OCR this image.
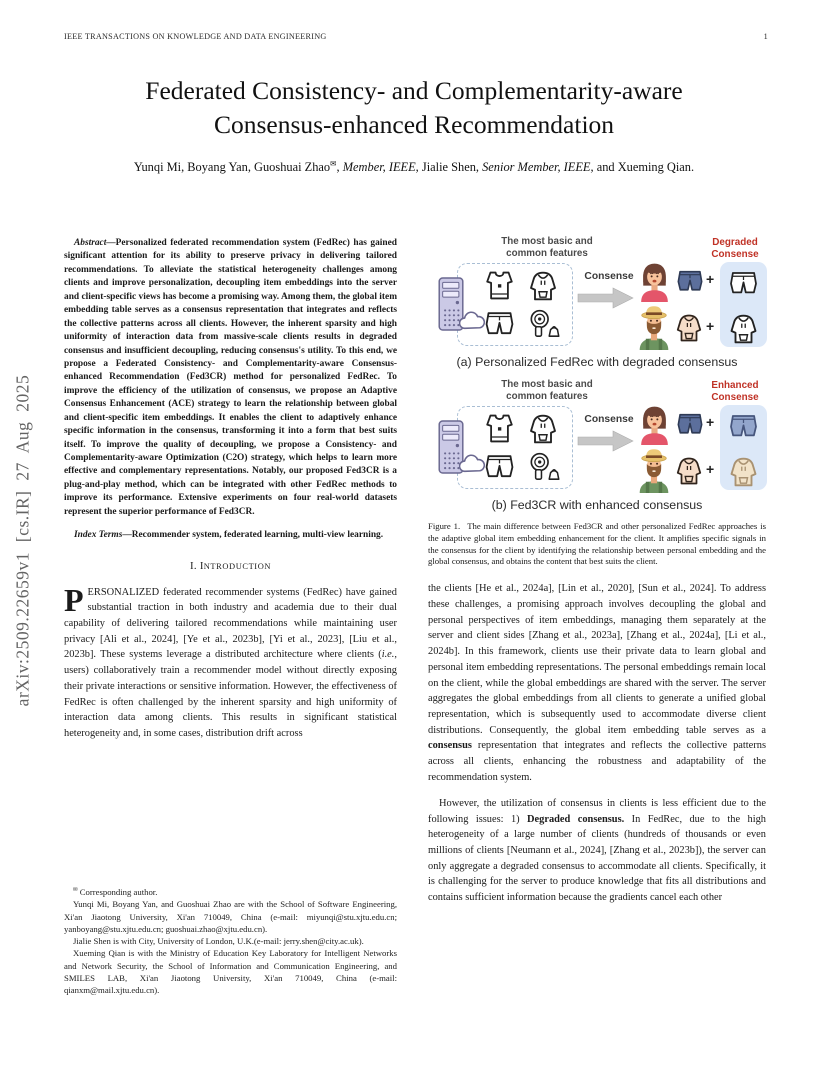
IEEE TRANSACTIONS ON KNOWLEDGE AND DATA ENGINEERING	1
arXiv:2509.22659v1 [cs.IR] 27 Aug 2025
Federated Consistency- and Complementarity-aware
Consensus-enhanced Recommendation
Yunqi Mi, Boyang Yan, Guoshuai Zhao✉, Member, IEEE, Jialie Shen, Senior Member, IEEE, and Xueming Qian.

Abstract—Personalized federated recommendation system (FedRec) has gained significant attention for its ability to preserve privacy in delivering tailored recommendations. To alleviate the statistical heterogeneity challenges among clients and improve personalization, decoupling item embeddings into the server and client-specific views has become a promising way. Among them, the global item embedding table serves as a consensus representation that integrates and reflects the collective patterns across all clients. However, the inherent sparsity and high uniformity of interaction data from massive-scale clients results in degraded consensus and insufficient decoupling, reducing consensus's utility. To this end, we propose a Federated Consistency- and Complementarity-aware Consensus-enhanced Recommendation (Fed3CR) method for personalized FedRec. To improve the efficiency of the utilization of consensus, we propose an Adaptive Consensus Enhancement (ACE) strategy to learn the relationship between global and client-specific item embeddings. It enables the client to adaptively enhance specific information in the consensus, transforming it into a form that best suits itself. To improve the quality of decoupling, we propose a Consistency- and Complementarity-aware Optimization (C2O) strategy, which helps to learn more effective and complementary representations. Notably, our proposed Fed3CR is a plug-and-play method, which can be integrated with other FedRec methods to improve its performance. Extensive experiments on four real-world datasets represent the superior performance of Fed3CR.

Index Terms—Recommender system, federated learning, multi-view learning.

I. INTRODUCTION

PERSONALIZED federated recommender systems (FedRec) have gained substantial traction in both industry and academia due to their dual capability of delivering tailored recommendations while maintaining user privacy [Ali et al., 2024], [Ye et al., 2023b], [Yi et al., 2023], [Liu et al., 2023b]. These systems leverage a distributed architecture where clients (i.e., users) collaboratively train a recommender model without directly exposing their private interactions or sensitive information. However, the effectiveness of FedRec is often challenged by the inherent sparsity and high uniformity of interaction data among clients. This results in significant statistical heterogeneity and, in some cases, distribution drift across

✉ Corresponding author.

Yunqi Mi, Boyang Yan, and Guoshuai Zhao are with the School of Software Engineering, Xi'an Jiaotong University, Xi'an 710049, China (e-mail: miyunqi@stu.xjtu.edu.cn; yanboyang@stu.xjtu.edu.cn; guoshuai.zhao@xjtu.edu.cn).

Jialie Shen is with City, University of London, U.K.(e-mail: jerry.shen@city.ac.uk).

Xueming Qian is with the Ministry of Education Key Laboratory for Intelligent Networks and Network Security, the School of Information and Communication Engineering, and SMILES LAB, Xi'an Jiaotong University, Xi'an 710049, China (e-mail: qianxm@mail.xjtu.edu.cn).

The most basic and common features
Consense	+
+
Degraded Consense
(a) Personalized FedRec with degraded consensus
The most basic and common features
Consense	+
+
Enhanced Consense
(b) Fed3CR with enhanced consensus

Figure 1.  The main difference between Fed3CR and other personalized FedRec approaches is the adaptive global item embedding enhancement for the client. It amplifies specific signals in the consensus for the client by identifying the relationship between personal embedding and the global consensus, and obtains the content that best suits the client.

the clients [He et al., 2024a], [Lin et al., 2020], [Sun et al., 2024]. To address these challenges, a promising approach involves decoupling the global and personal perspectives of item embeddings, managing them separately at the server and client sides [Zhang et al., 2023a], [Zhang et al., 2024a], [Li et al., 2024b]. In this framework, clients use their private data to learn global and personal item embedding representations. The personal embeddings remain local on the client, while the global embeddings are shared with the server. The server aggregates the global embeddings from all clients to generate a unified global representation, which is subsequently used to accommodate diverse client distributions. Consequently, the global item embedding table serves as a consensus representation that integrates and reflects the collective patterns across all clients, enhancing the robustness and adaptability of the recommendation system.

However, the utilization of consensus in clients is less efficient due to the following issues: 1) Degraded consensus. In FedRec, due to the high heterogeneity of a large number of clients (hundreds of thousands or even millions of clients [Neumann et al., 2024], [Zhang et al., 2023b]), the server can only aggregate a degraded consensus to accommodate all clients. Specifically, it is challenging for the server to produce knowledge that fits all distributions and contains sufficient information because the gradients cancel each other
